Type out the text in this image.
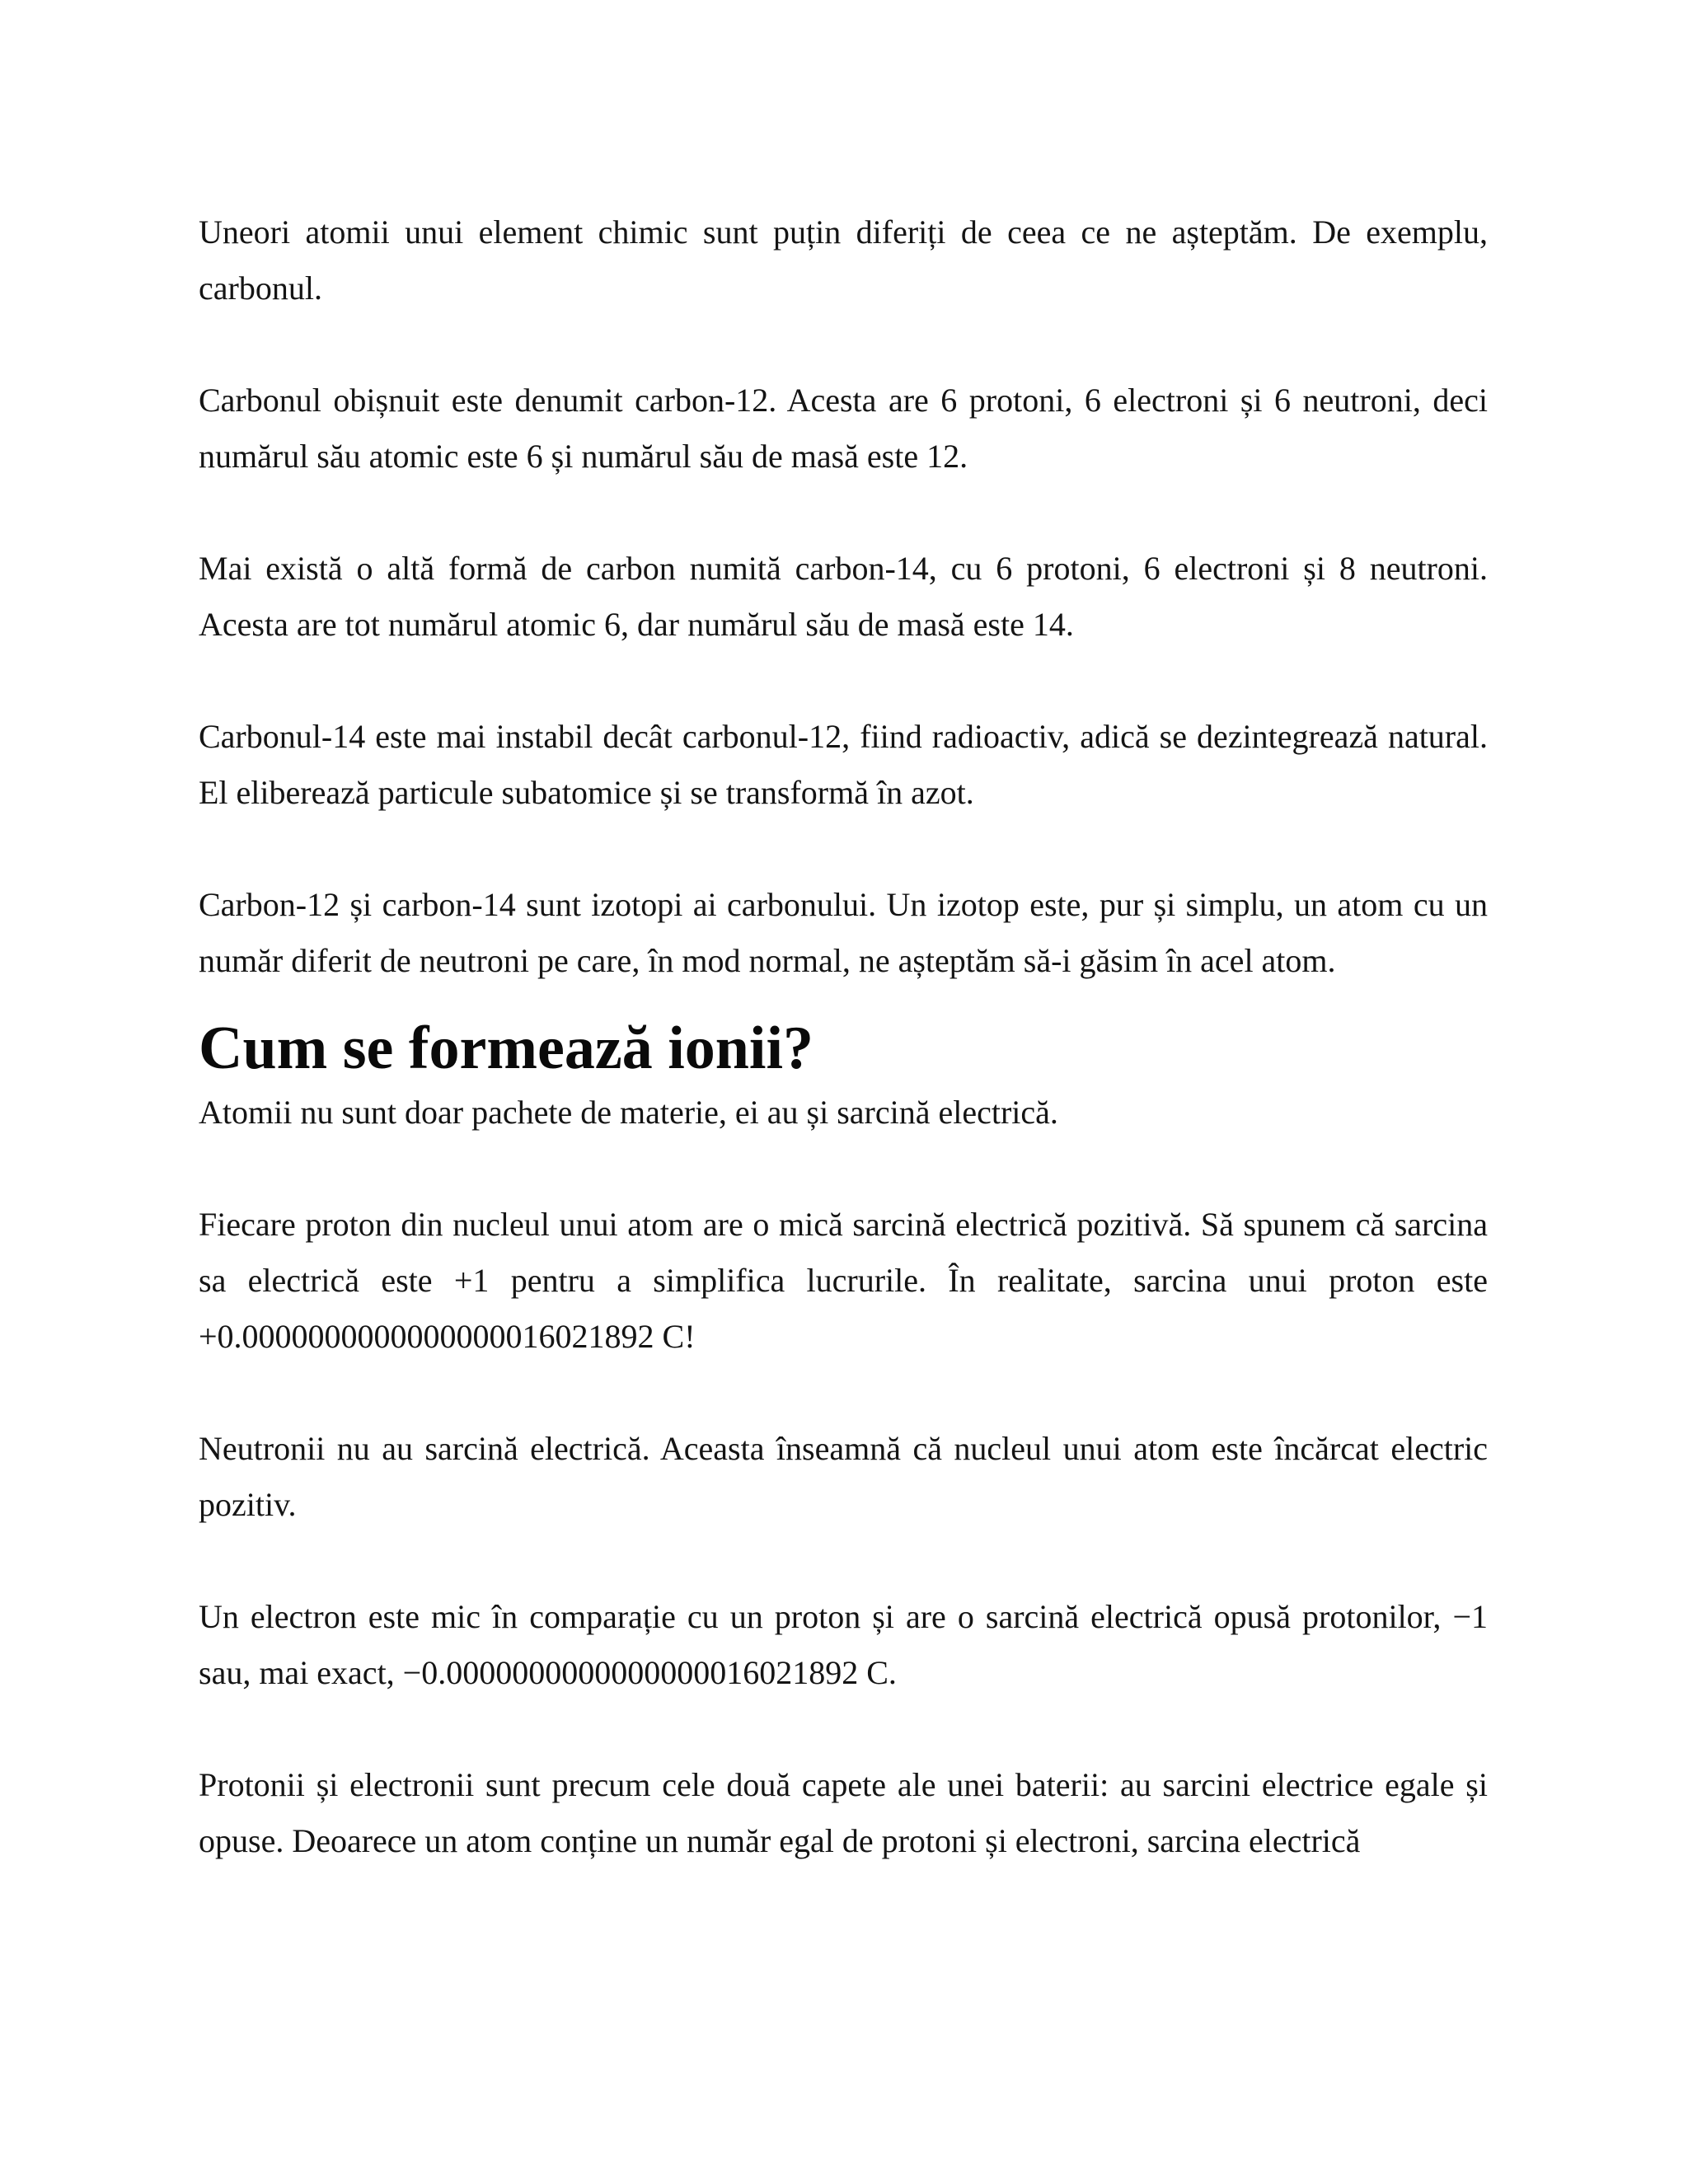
Uneori atomii unui element chimic sunt puțin diferiți de ceea ce ne așteptăm. De exemplu, carbonul.

Carbonul obișnuit este denumit carbon-12. Acesta are 6 protoni, 6 electroni și 6 neutroni, deci numărul său atomic este 6 și numărul său de masă este 12.

Mai există o altă formă de carbon numită carbon-14, cu 6 protoni, 6 electroni și 8 neutroni. Acesta are tot numărul atomic 6, dar numărul său de masă este 14.

Carbonul-14 este mai instabil decât carbonul-12, fiind radioactiv, adică se dezintegrează natural. El eliberează particule subatomice și se transformă în azot.

Carbon-12 și carbon-14 sunt izotopi ai carbonului. Un izotop este, pur și simplu, un atom cu un număr diferit de neutroni pe care, în mod normal, ne așteptăm să-i găsim în acel atom.

Cum se formează ionii?

Atomii nu sunt doar pachete de materie, ei au și sarcină electrică.

Fiecare proton din nucleul unui atom are o mică sarcină electrică pozitivă. Să spunem că sarcina sa electrică este +1 pentru a simplifica lucrurile. În realitate, sarcina unui proton este +0.0000000000000000016021892 C!

Neutronii nu au sarcină electrică. Aceasta înseamnă că nucleul unui atom este încărcat electric pozitiv.

Un electron este mic în comparație cu un proton și are o sarcină electrică opusă protonilor, −1 sau, mai exact, −0.0000000000000000016021892 C.

Protonii și electronii sunt precum cele două capete ale unei baterii: au sarcini electrice egale și opuse. Deoarece un atom conține un număr egal de protoni și electroni, sarcina electrică
